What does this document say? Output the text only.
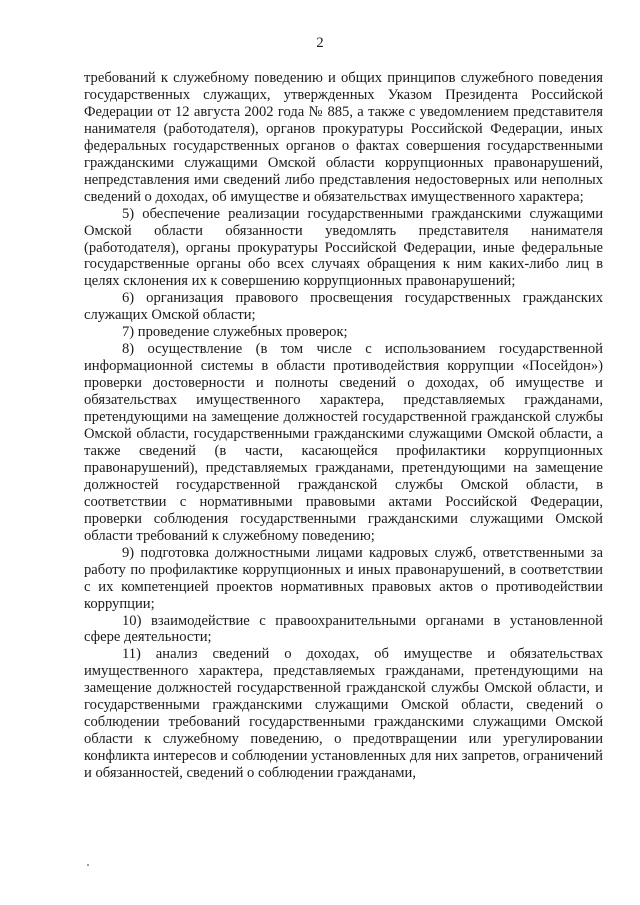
2

требований к служебному поведению и общих принципов служебного поведения государственных служащих, утвержденных Указом Президента Российской Федерации от 12 августа 2002 года № 885, а также с уведомлением представителя нанимателя (работодателя), органов прокуратуры Российской Федерации, иных федеральных государственных органов о фактах совершения государственными гражданскими служащими Омской области коррупционных правонарушений, непредставления ими сведений либо представления недостоверных или неполных сведений о доходах, об имуществе и обязательствах имущественного характера;

5) обеспечение реализации государственными гражданскими служащими Омской области обязанности уведомлять представителя нанимателя (работодателя), органы прокуратуры Российской Федерации, иные федеральные государственные органы обо всех случаях обращения к ним каких-либо лиц в целях склонения их к совершению коррупционных правонарушений;

6) организация правового просвещения государственных гражданских служащих Омской области;

7) проведение служебных проверок;

8) осуществление (в том числе с использованием государственной информационной системы в области противодействия коррупции «Посейдон») проверки достоверности и полноты сведений о доходах, об имуществе и обязательствах имущественного характера, представляемых гражданами, претендующими на замещение должностей государственной гражданской службы Омской области, государственными гражданскими служащими Омской области, а также сведений (в части, касающейся профилактики коррупционных правонарушений), представляемых гражданами, претендующими на замещение должностей государственной гражданской службы Омской области, в соответствии с нормативными правовыми актами Российской Федерации, проверки соблюдения государственными гражданскими служащими Омской области требований к служебному поведению;

9) подготовка должностными лицами кадровых служб, ответственными за работу по профилактике коррупционных и иных правонарушений, в соответствии с их компетенцией проектов нормативных правовых актов о противодействии коррупции;

10) взаимодействие с правоохранительными органами в установленной сфере деятельности;

11) анализ сведений о доходах, об имуществе и обязательствах имущественного характера, представляемых гражданами, претендующими на замещение должностей государственной гражданской службы Омской области, и государственными гражданскими служащими Омской области, сведений о соблюдении требований государственными гражданскими служащими Омской области к служебному поведению, о предотвращении или урегулировании конфликта интересов и соблюдении установленных для них запретов, ограничений и обязанностей, сведений о соблюдении гражданами,
